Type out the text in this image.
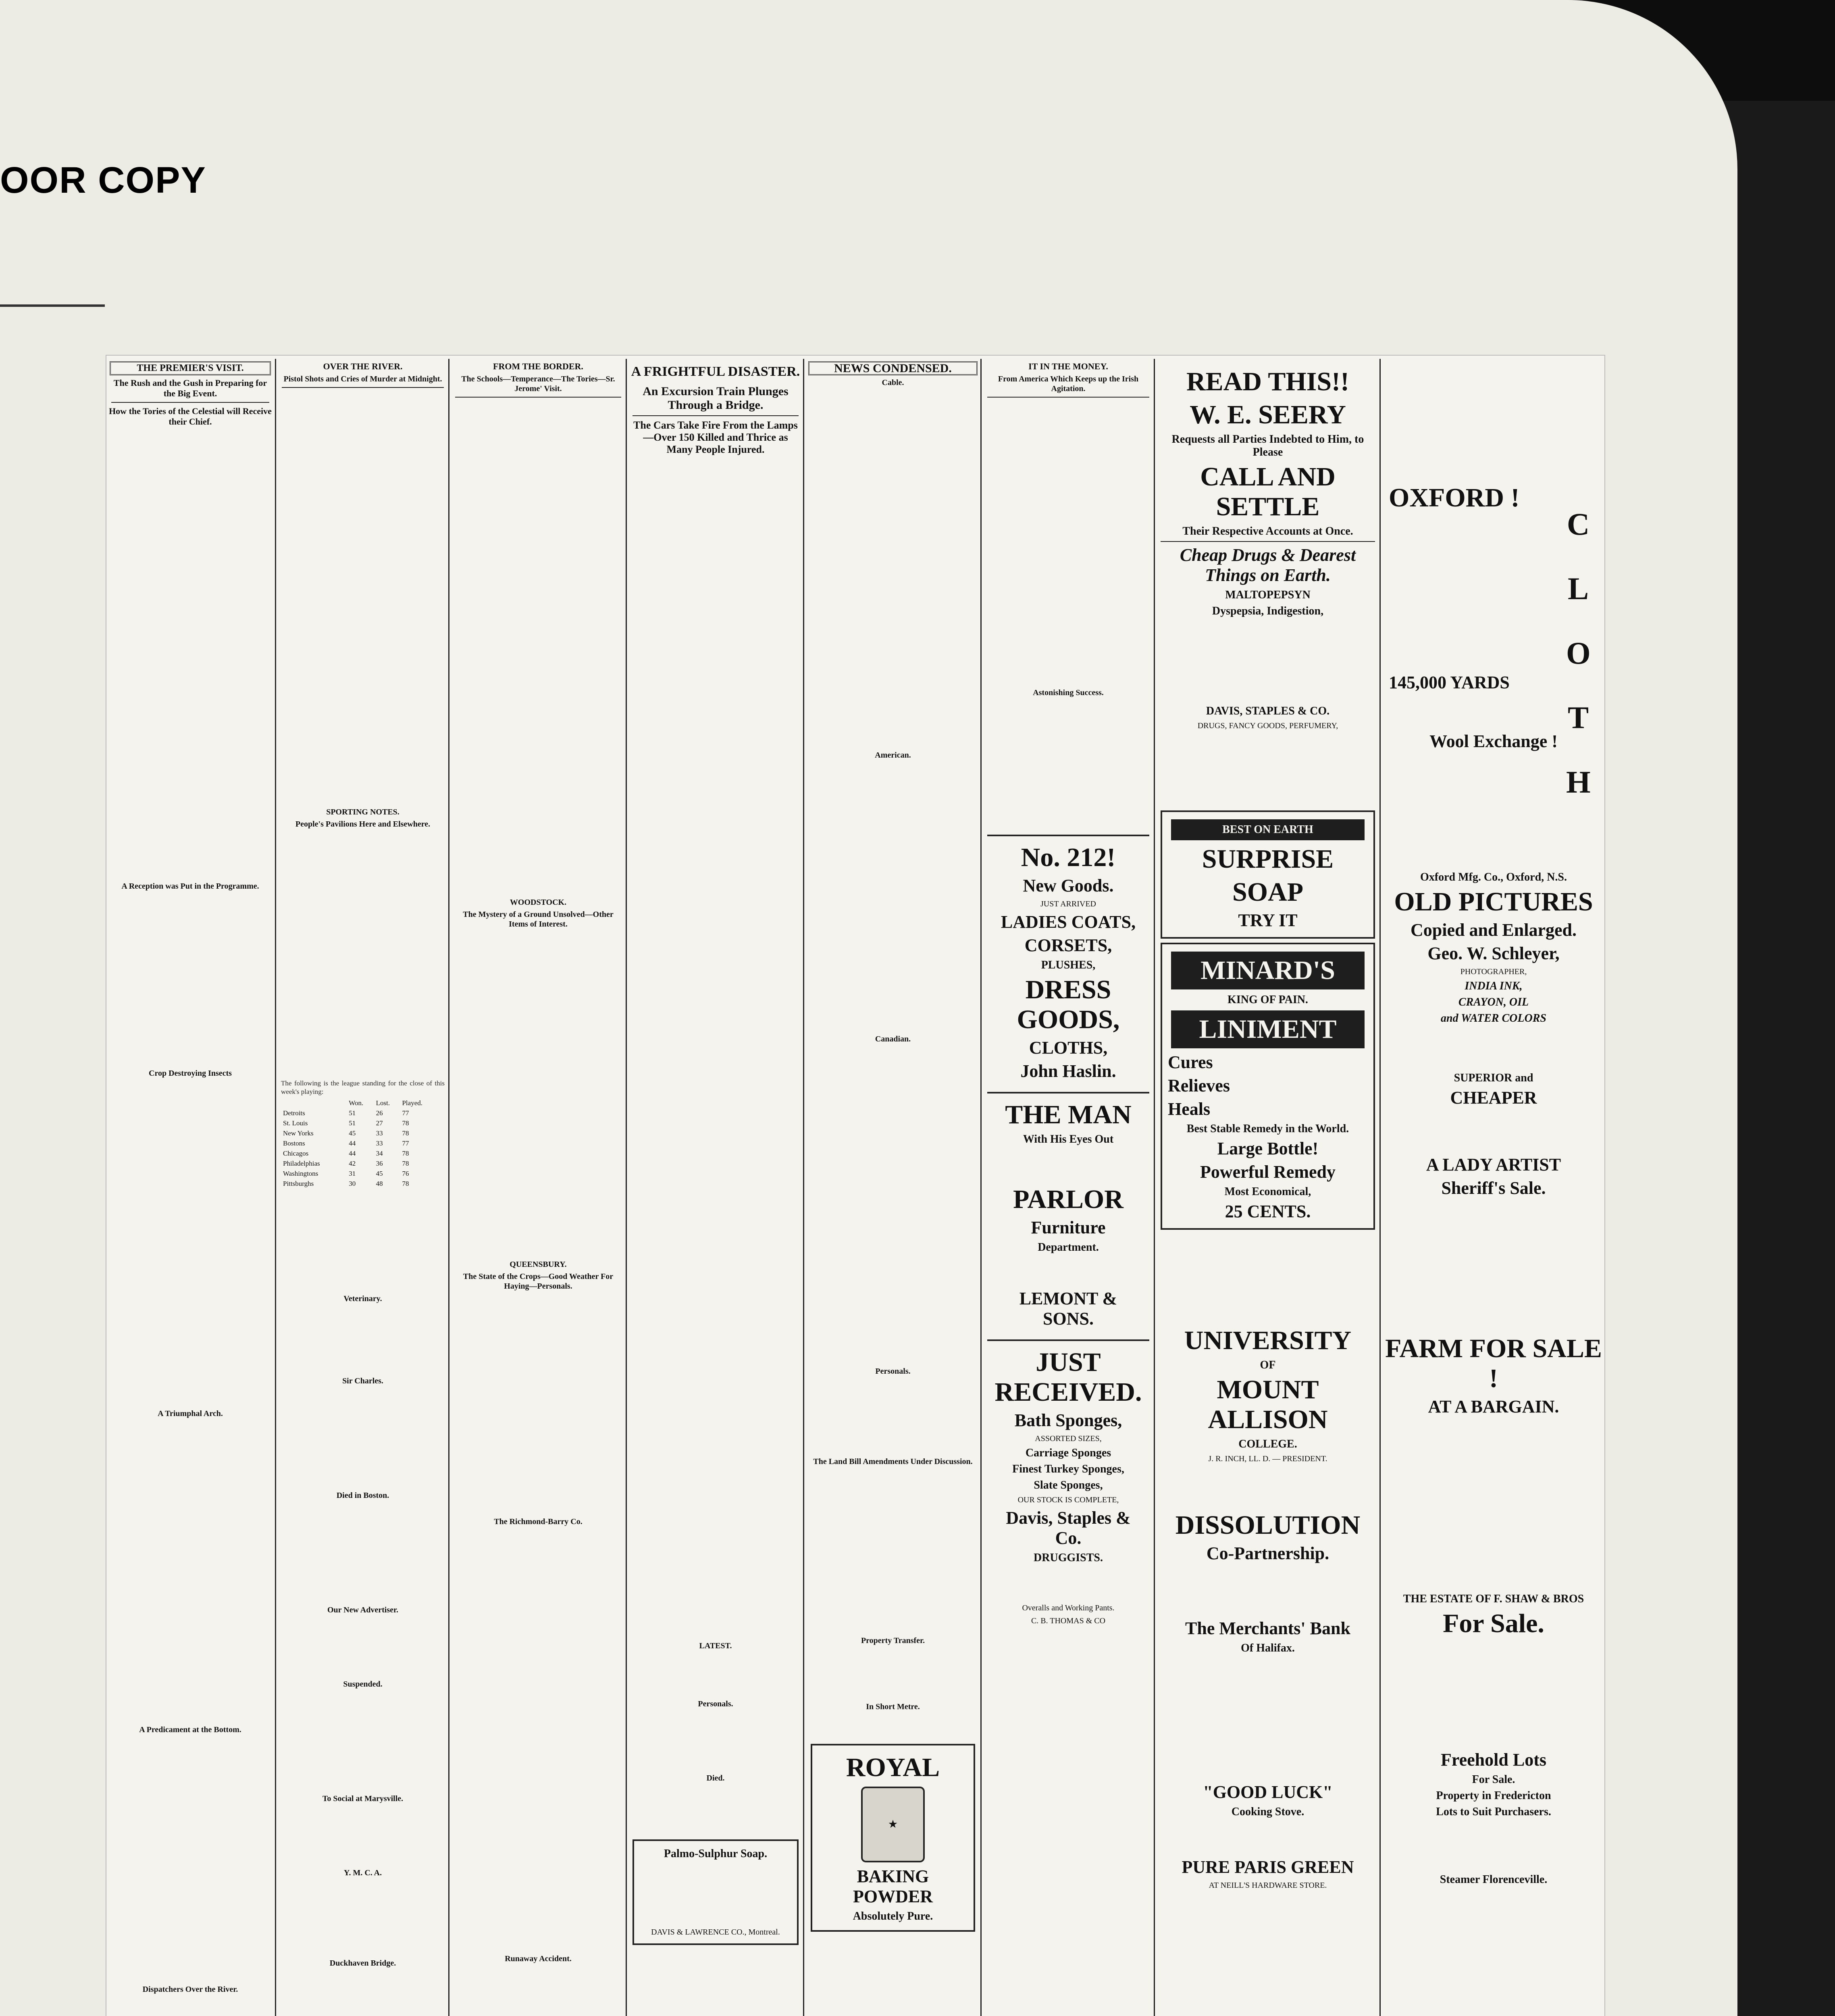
OOR COPY
THE PREMIER'S VISIT.
The Rush and the Gush in Preparing for the Big Event.
How the Tories of the Celestial will Receive their Chief.

A Reception was Put in the Programme.
Crop Destroying Insects
A Triumphal Arch.
A Predicament at the Bottom.
Dispatchers Over the River.
OVER THE RIVER.
Pistol Shots and Cries of Murder at Midnight.
SPORTING NOTES.
People's Pavilions Here and Elsewhere.
The following is the league standing for the close of this week's playing:
	Won.	Lost.	Played.
Detroits	51	26	77
St. Louis	51	27	78
New Yorks	45	33	78
Bostons	44	33	77
Chicagos	44	34	78
Philadelphias	42	36	78
Washingtons	31	45	76
Pittsburghs	30	48	78
Veterinary.
Sir Charles.
Died in Boston.
Our New Advertiser.
Suspended.
To Social at Marysville.
Y. M. C. A.
Duckhaven Bridge.
FROM THE BORDER.
The Schools—Temperance—The Tories—Sr. Jerome' Visit.
WOODSTOCK.
The Mystery of a Ground Unsolved—Other Items of Interest.
QUEENSBURY.
The State of the Crops—Good Weather For Haying—Personals.
The Richmond-Barry Co.
Runaway Accident.
A FRIGHTFUL DISASTER.
An Excursion Train Plunges Through a Bridge.
The Cars Take Fire From the Lamps—Over 150 Killed and Thrice as Many People Injured.
LATEST.
Personals.
Died.
Palmo-Sulphur Soap.
DAVIS & LAWRENCE CO., Montreal.
NEWS CONDENSED.
Cable.
American.
Canadian.
Personals.
The Land Bill Amendments Under Discussion.
Property Transfer.
In Short Metre.
ROYAL
★
BAKING POWDER
Absolutely Pure.
IT IN THE MONEY.
From America Which Keeps up the Irish Agitation.
Astonishing Success.
No. 212!
New Goods.
JUST ARRIVED
LADIES COATS,
CORSETS,
PLUSHES,
DRESS GOODS,
CLOTHS,
John Haslin.
THE MAN
With His Eyes Out
PARLOR
Furniture
Department.
LEMONT & SONS.
JUST RECEIVED.
Bath Sponges,
ASSORTED SIZES,
Carriage Sponges
Finest Turkey Sponges,
Slate Sponges,
OUR STOCK IS COMPLETE,
Davis, Staples & Co.
DRUGGISTS.
Overalls and Working Pants.
C. B. THOMAS & CO
READ THIS!!
W. E. SEERY
Requests all Parties Indebted to Him, to Please
CALL AND SETTLE
Their Respective Accounts at Once.
Cheap Drugs & Dearest Things on Earth.
MALTOPEPSYN
Dyspepsia, Indigestion,
DAVIS, STAPLES & CO.
DRUGS, FANCY GOODS, PERFUMERY,
BEST ON EARTH
SURPRISE
SOAP
TRY IT
MINARD'S
KING OF PAIN.
LINIMENT
Cures
Relieves
Heals
Best Stable Remedy in the World.
Large Bottle!
Powerful Remedy
Most Economical,
25 CENTS.
UNIVERSITY
OF
MOUNT ALLISON
COLLEGE.
J. R. INCH, LL. D. — PRESIDENT.
DISSOLUTION
Co-Partnership.
The Merchants' Bank
Of Halifax.
"GOOD LUCK"
Cooking Stove.
PURE PARIS GREEN
AT NEILL'S HARDWARE STORE.
OXFORD !
C
L
O
T
H
145,000 YARDS
Wool Exchange !
Oxford Mfg. Co., Oxford, N.S.
OLD PICTURES
Copied and Enlarged.
Geo. W. Schleyer,
PHOTOGRAPHER,
INDIA INK,
CRAYON, OIL
and WATER COLORS
SUPERIOR and
CHEAPER
A LADY ARTIST
Sheriff's Sale.
FARM FOR SALE !
AT A BARGAIN.
THE ESTATE OF F. SHAW & BROS
For Sale.
Freehold Lots
For Sale.
Property in Fredericton
Lots to Suit Purchasers.
Steamer Florenceville.
